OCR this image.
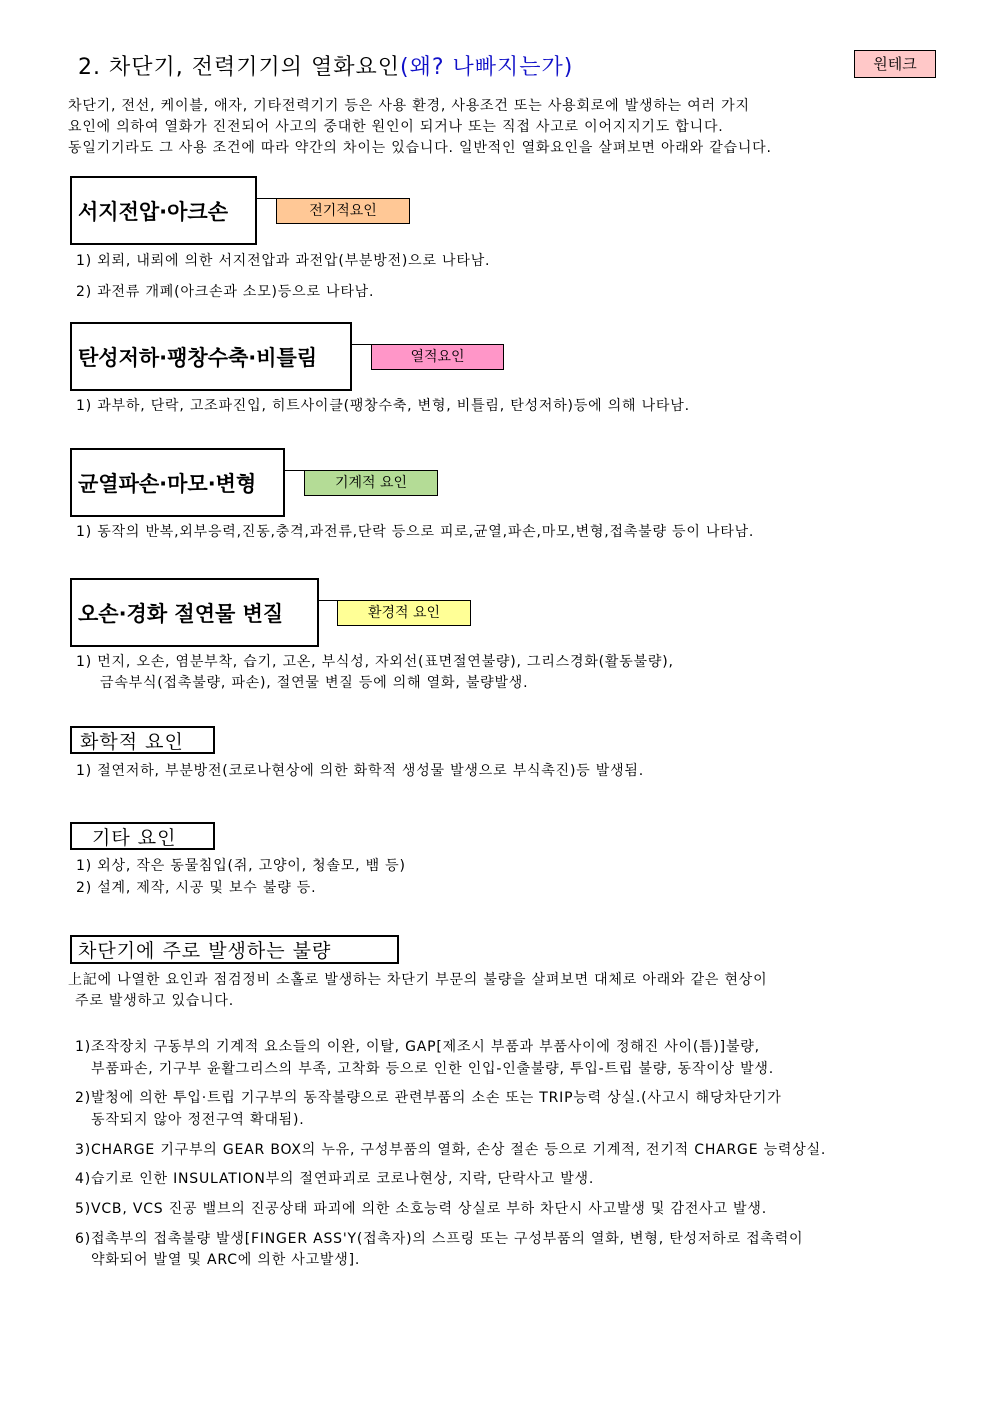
2. 차단기, 전력기기의 열화요인(왜? 나빠지는가)	원테크
차단기, 전선, 케이블, 애자, 기타전력기기 등은 사용 환경, 사용조건 또는 사용회로에 발생하는 여러 가지
요인에 의하여 열화가 진전되어 사고의 중대한 원인이 되거나 또는 직접 사고로 이어지지기도 합니다.
동일기기라도 그 사용 조건에 따라 약간의 차이는 있습니다. 일반적인 열화요인을 살펴보면 아래와 같습니다.
서지전압·아크손	전기적요인
1) 외뢰, 내뢰에 의한 서지전압과 과전압(부분방전)으로 나타남.
2) 과전류 개폐(아크손과 소모)등으로 나타남.
탄성저하·팽창수축·비틀림	열적요인
1) 과부하, 단락, 고조파진입, 히트사이클(팽창수축, 변형, 비틀림, 탄성저하)등에 의해 나타남.
균열파손·마모·변형	기계적 요인
1) 동작의 반복,외부응력,진동,충격,과전류,단락 등으로 피로,균열,파손,마모,변형,접촉불량 등이 나타남.
오손·경화 절연물 변질	환경적 요인
1) 먼지, 오손, 염분부착, 습기, 고온, 부식성, 자외선(표면절연불량), 그리스경화(활동불량),
금속부식(접촉불량, 파손), 절연물 변질 등에 의해 열화, 불량발생.
화학적 요인
1) 절연저하, 부분방전(코로나현상에 의한 화학적 생성물 발생으로 부식촉진)등 발생됨.
기타 요인
1) 외상, 작은 동물침입(쥐, 고양이, 청솔모, 뱀 등)
2) 설계, 제작, 시공 및 보수 불량 등.
차단기에 주로 발생하는 불량
上記에 나열한 요인과 점검정비 소홀로 발생하는 차단기 부문의 불량을 살펴보면 대체로 아래와 같은 현상이
주로 발생하고 있습니다.
1)조작장치 구동부의 기계적 요소들의 이완, 이탈, GAP[제조시 부품과 부품사이에 정해진 사이(틈)]불량,
부품파손, 기구부 윤활그리스의 부족, 고착화 등으로 인한 인입-인출불량, 투입-트립 불량, 동작이상 발생.
2)발청에 의한 투입·트립 기구부의 동작불량으로 관련부품의 소손 또는 TRIP능력 상실.(사고시 해당차단기가
동작되지 않아 정전구역 확대됨).
3)CHARGE 기구부의 GEAR BOX의 누유, 구성부품의 열화, 손상 절손 등으로 기계적, 전기적 CHARGE 능력상실.
4)습기로 인한 INSULATION부의 절연파괴로 코로나현상, 지락, 단락사고 발생.
5)VCB, VCS 진공 밸브의 진공상태 파괴에 의한 소호능력 상실로 부하 차단시 사고발생 및 감전사고 발생.
6)접촉부의 접촉불량 발생[FINGER ASS'Y(접촉자)의 스프링 또는 구성부품의 열화, 변형, 탄성저하로 접촉력이
약화되어 발열 및 ARC에 의한 사고발생].
